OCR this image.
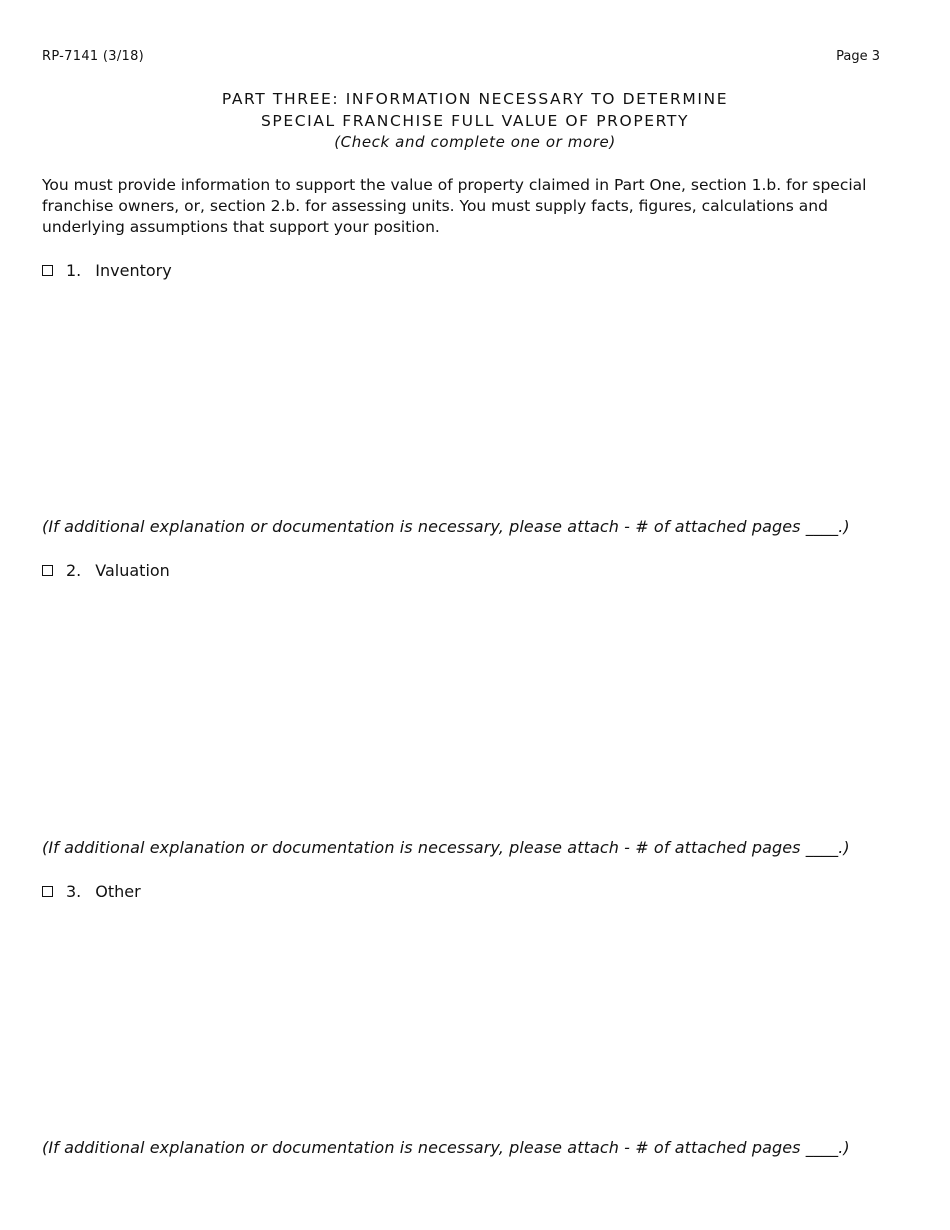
RP-7141 (3/18)	Page 3
PART THREE: INFORMATION NECESSARY TO DETERMINE
SPECIAL FRANCHISE FULL VALUE OF PROPERTY
(Check and complete one or more)
You must provide information to support the value of property claimed in Part One, section 1.b. for special franchise owners, or, section 2.b. for assessing units. You must supply facts, figures, calculations and underlying assumptions that support your position.
1. Inventory
(If additional explanation or documentation is necessary, please attach - # of attached pages ____.)
2. Valuation
(If additional explanation or documentation is necessary, please attach - # of attached pages ____.)
3. Other
(If additional explanation or documentation is necessary, please attach - # of attached pages ____.)
